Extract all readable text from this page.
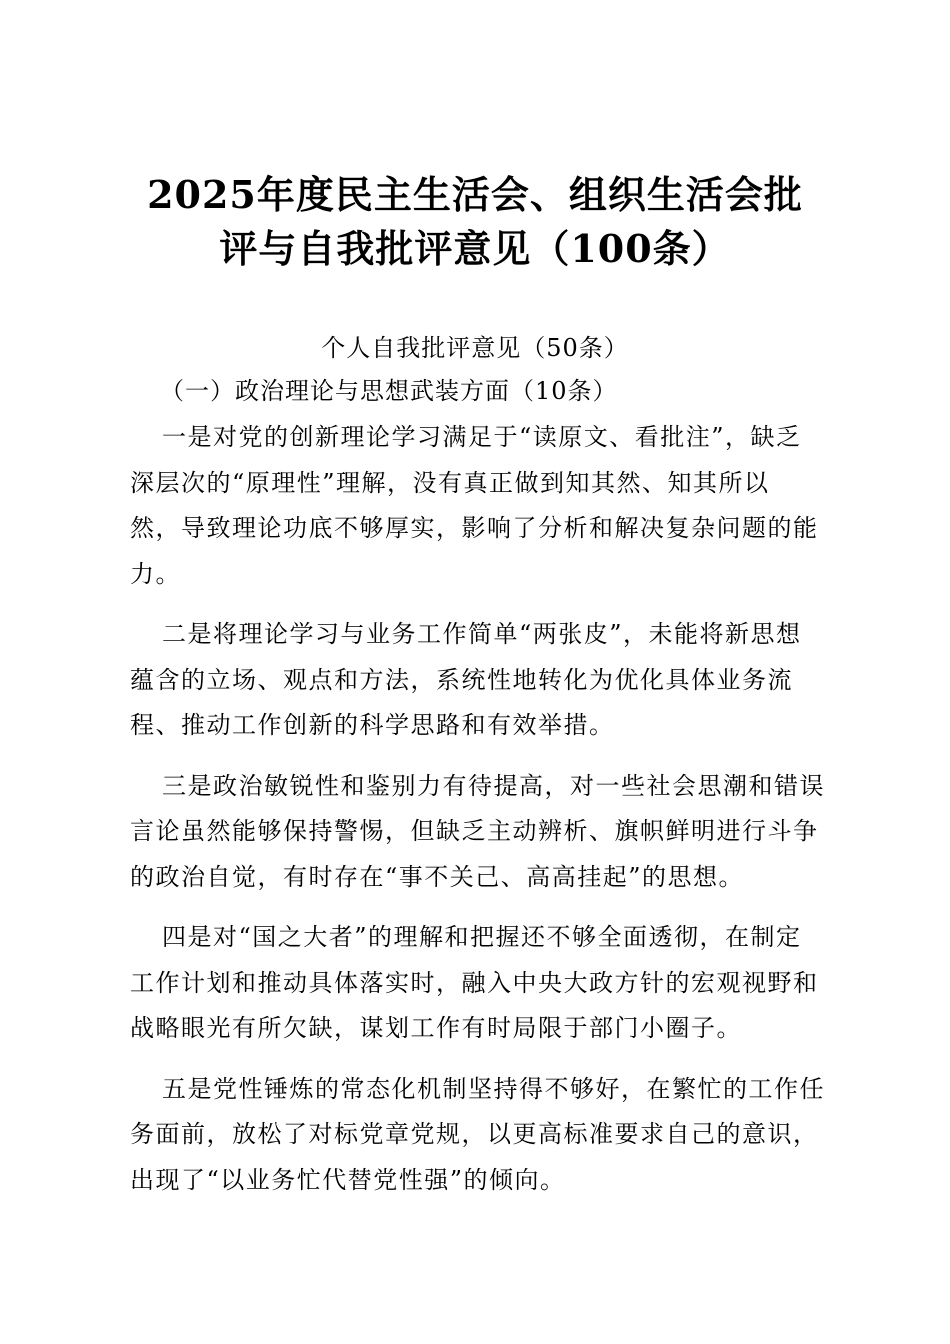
2025年度民主生活会、组织生活会批
评与自我批评意见（100条）
个人自我批评意见（50条）
（一）政治理论与思想武装方面（10条）

一是对党的创新理论学习满足于“读原文、看批注”，缺乏
深层次的“原理性”理解，没有真正做到知其然、知其所以
然，导致理论功底不够厚实，影响了分析和解决复杂问题的能
力。

二是将理论学习与业务工作简单“两张皮”，未能将新思想
蕴含的立场、观点和方法，系统性地转化为优化具体业务流
程、推动工作创新的科学思路和有效举措。

三是政治敏锐性和鉴别力有待提高，对一些社会思潮和错误
言论虽然能够保持警惕，但缺乏主动辨析、旗帜鲜明进行斗争
的政治自觉，有时存在“事不关己、高高挂起”的思想。

四是对“国之大者”的理解和把握还不够全面透彻，在制定
工作计划和推动具体落实时，融入中央大政方针的宏观视野和
战略眼光有所欠缺，谋划工作有时局限于部门小圈子。

五是党性锤炼的常态化机制坚持得不够好，在繁忙的工作任
务面前，放松了对标党章党规，以更高标准要求自己的意识，
出现了“以业务忙代替党性强”的倾向。
